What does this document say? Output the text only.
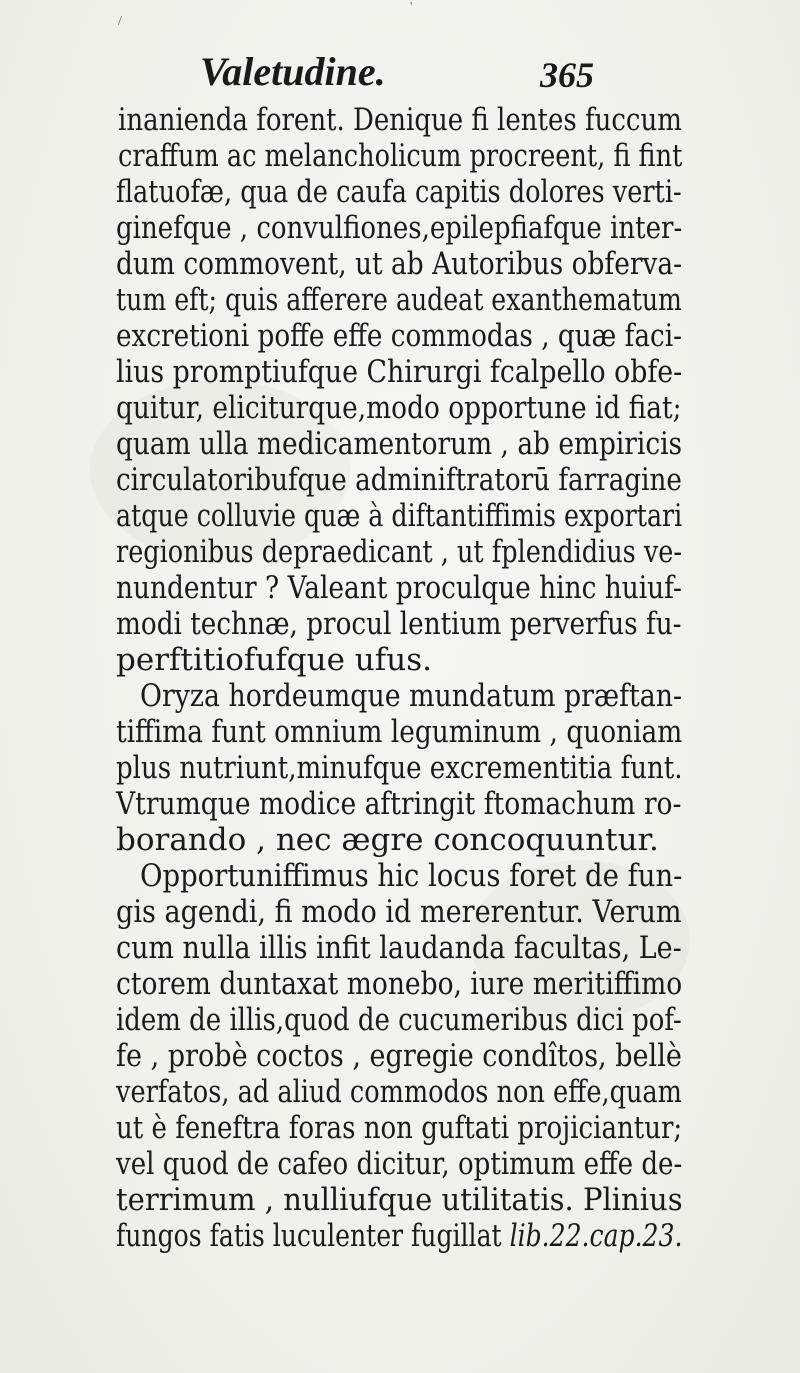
'
/
Valetudine.	365
inanienda forent. Denique fi lentes fuccum
craffum ac melancholicum procreent, fi fint
flatuofæ, qua de caufa capitis dolores verti-
ginefque , convulfiones,epilepfiafque inter-
dum commovent, ut ab Autoribus obferva-
tum eft; quis afferere audeat exanthematum
excretioni poffe effe commodas , quæ faci-
lius promptiufque Chirurgi fcalpello obfe-
quitur, eliciturque,modo opportune id fiat;
quam ulla medicamentorum , ab empiricis
circulatoribufque adminiftratorū farragine
atque colluvie quæ à diftantiffimis exportari
regionibus depraedicant , ut fplendidius ve-
nundentur ? Valeant proculque hinc huiuf-
modi technæ, procul lentium perverfus fu-
perftitiofufque ufus.
Oryza hordeumque mundatum præftan-
tiffima funt omnium leguminum , quoniam
plus nutriunt,minufque excrementitia funt.
Vtrumque modice aftringit ftomachum ro-
borando , nec ægre concoquuntur.
Opportuniffimus hic locus foret de fun-
gis agendi, fi modo id mererentur. Verum
cum nulla illis infit laudanda facultas, Le-
ctorem duntaxat monebo, iure meritiffimo
idem de illis,quod de cucumeribus dici pof-
fe , probè coctos , egregie condîtos, bellè
verfatos, ad aliud commodos non effe,quam
ut è feneftra foras non guftati projiciantur;
vel quod de cafeo dicitur, optimum effe de-
terrimum , nulliufque utilitatis. Plinius
fungos fatis luculenter fugillat lib.22.cap.23.
